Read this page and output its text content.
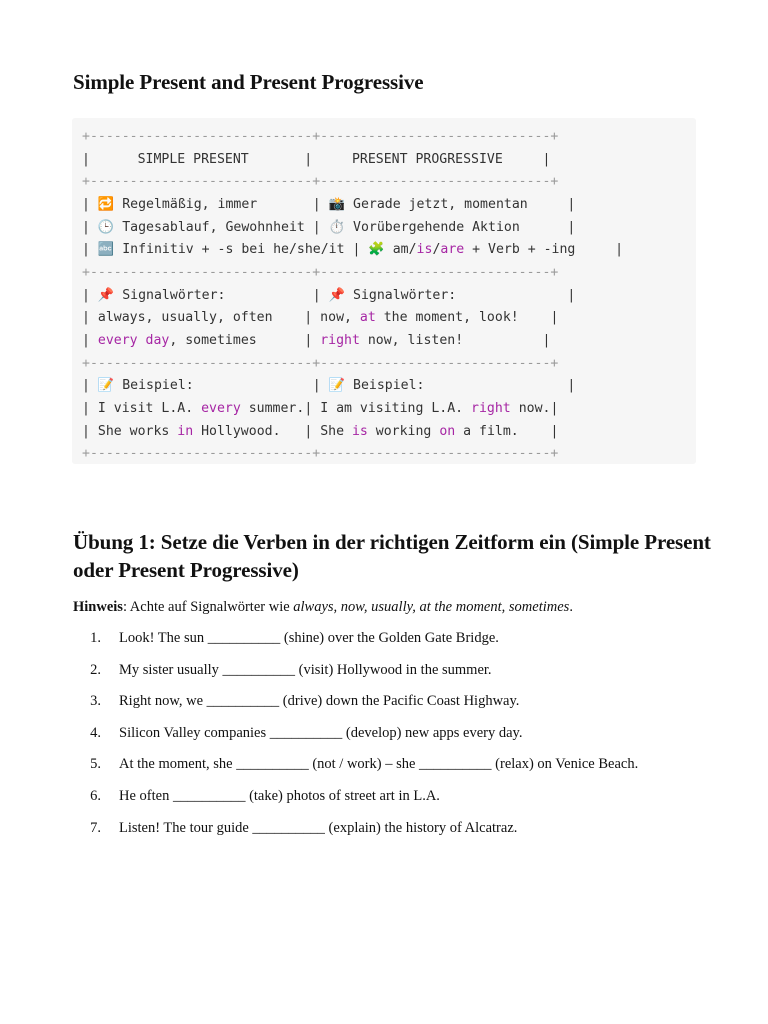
Simple Present and Present Progressive
+----------------------------+-----------------------------+
|      SIMPLE PRESENT       |     PRESENT PROGRESSIVE     |
+----------------------------+-----------------------------+
| 🔁 Regelmäßig, immer       | 📸 Gerade jetzt, momentan     |
| 🕒 Tagesablauf, Gewohnheit | ⏱️ Vorübergehende Aktion      |
| 🔤 Infinitiv + -s bei he/she/it | 🧩 am/is/are + Verb + -ing     |
+----------------------------+-----------------------------+
| 📌 Signalwörter:           | 📌 Signalwörter:              |
| always, usually, often    | now, at the moment, look!    |
| every day, sometimes      | right now, listen!          |
+----------------------------+-----------------------------+
| 📝 Beispiel:               | 📝 Beispiel:                  |
| I visit L.A. every summer.| I am visiting L.A. right now.|
| She works in Hollywood.   | She is working on a film.    |
+----------------------------+-----------------------------+
Übung 1: Setze die Verben in der richtigen Zeitform ein (Simple Present oder Present Progressive)

Hinweis: Achte auf Signalwörter wie always, now, usually, at the moment, sometimes.

1. Look! The sun __________ (shine) over the Golden Gate Bridge.
2. My sister usually __________ (visit) Hollywood in the summer.
3. Right now, we __________ (drive) down the Pacific Coast Highway.
4. Silicon Valley companies __________ (develop) new apps every day.
5. At the moment, she __________ (not / work) – she __________ (relax) on Venice Beach.
6. He often __________ (take) photos of street art in L.A.
7. Listen! The tour guide __________ (explain) the history of Alcatraz.
